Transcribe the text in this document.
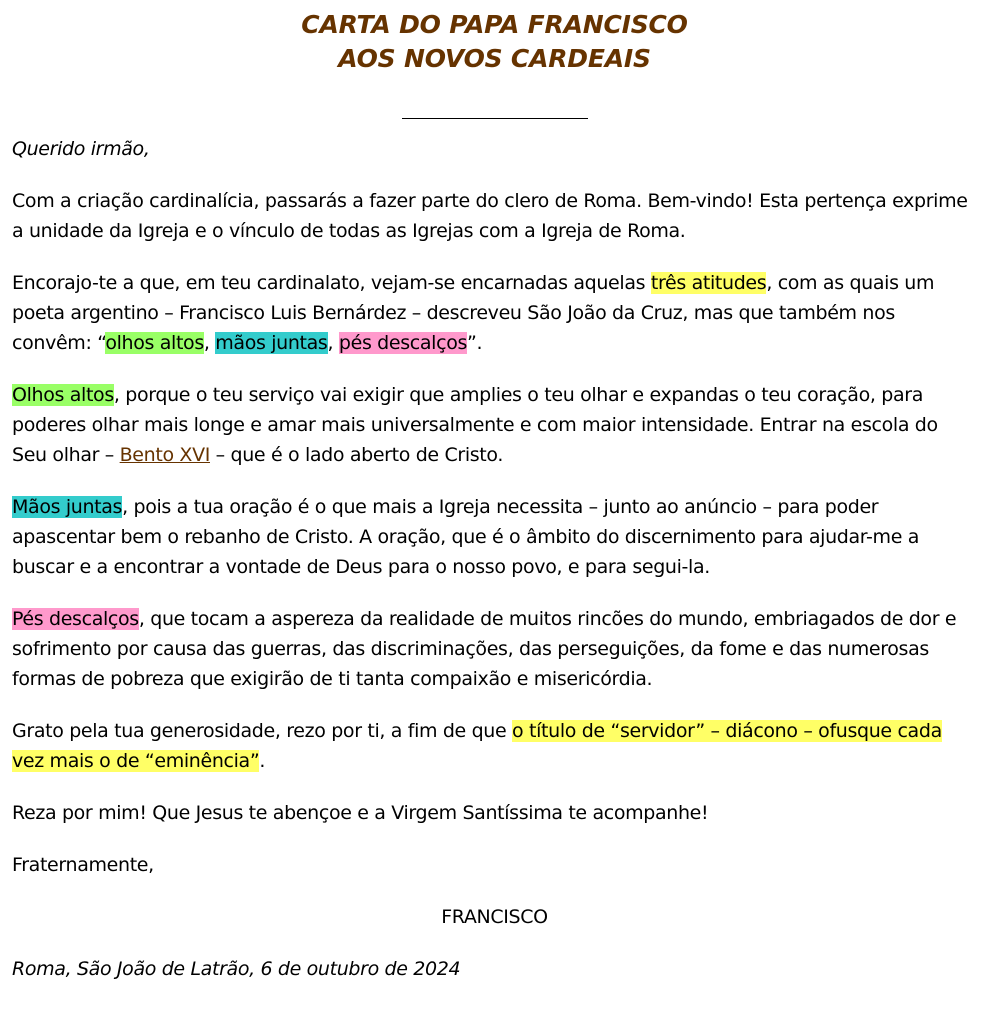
CARTA DO PAPA FRANCISCO
AOS NOVOS CARDEAIS

Querido irmão,

Com a criação cardinalícia, passarás a fazer parte do clero de Roma. Bem-vindo! Esta pertença exprime a unidade da Igreja e o vínculo de todas as Igrejas com a Igreja de Roma.

Encorajo-te a que, em teu cardinalato, vejam-se encarnadas aquelas três atitudes, com as quais um poeta argentino – Francisco Luis Bernárdez – descreveu São João da Cruz, mas que também nos convêm: “olhos altos, mãos juntas, pés descalços”.

Olhos altos, porque o teu serviço vai exigir que amplies o teu olhar e expandas o teu coração, para poderes olhar mais longe e amar mais universalmente e com maior intensidade. Entrar na escola do Seu olhar – Bento XVI – que é o lado aberto de Cristo.

Mãos juntas, pois a tua oração é o que mais a Igreja necessita – junto ao anúncio – para poder apascentar bem o rebanho de Cristo. A oração, que é o âmbito do discernimento para ajudar-me a buscar e a encontrar a vontade de Deus para o nosso povo, e para segui-la.

Pés descalços, que tocam a aspereza da realidade de muitos rincões do mundo, embriagados de dor e sofrimento por causa das guerras, das discriminações, das perseguições, da fome e das numerosas formas de pobreza que exigirão de ti tanta compaixão e misericórdia.

Grato pela tua generosidade, rezo por ti, a fim de que o título de “servidor” – diácono – ofusque cada vez mais o de “eminência”.

Reza por mim! Que Jesus te abençoe e a Virgem Santíssima te acompanhe!

Fraternamente,

FRANCISCO

Roma, São João de Latrão, 6 de outubro de 2024
